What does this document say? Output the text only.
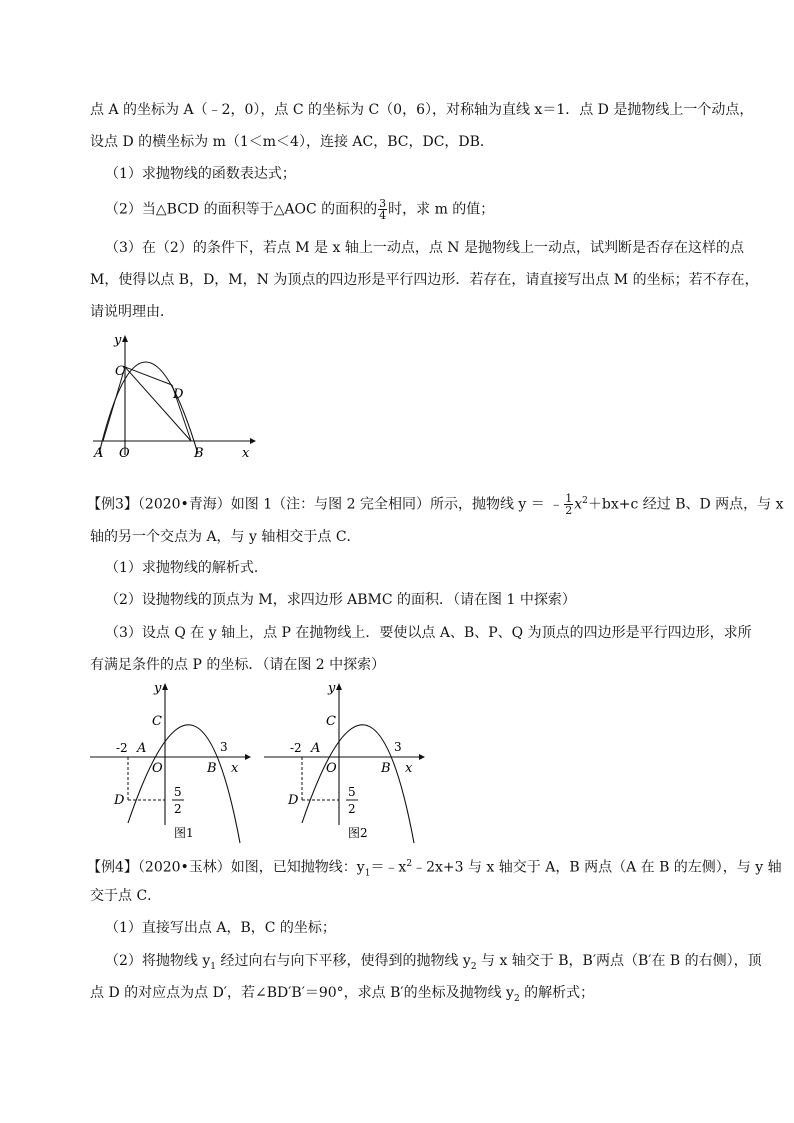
点 A 的坐标为 A（﹣2，0），点 C 的坐标为 C（0，6），对称轴为直线 x＝1．点 D 是抛物线上一个动点，
设点 D 的横坐标为 m（1＜m＜4），连接 AC，BC，DC，DB．
（1）求抛物线的函数表达式；
（2）当△BCD 的面积等于△AOC 的面积的 $\frac{3}{4}$ 时，求 m 的值；
（3）在（2）的条件下，若点 M 是 x 轴上一动点，点 N 是抛物线上一动点，试判断是否存在这样的点
M，使得以点 B，D，M，N 为顶点的四边形是平行四边形．若存在，请直接写出点 M 的坐标；若不存在，
请说明理由．
y
C
D
A O	B	x
【例3】（2020•青海）如图 1（注：与图 2 完全相同）所示，抛物线 y ＝ ﹣ $\frac{1}{2} x^2+bx+c$ 经过 B、D 两点，与 x
轴的另一个交点为 A，与 y 轴相交于点 C．
（1）求抛物线的解析式．
（2）设抛物线的顶点为 M，求四边形 ABMC 的面积．（请在图 1 中探索）
（3）设点 Q 在 y 轴上，点 P 在抛物线上．要使以点 A、B、P、Q 为顶点的四边形是平行四边形，求所
有满足条件的点 P 的坐标．（请在图 2 中探索）
y
C
-2 A	3
O	B x
D
5
2
图1
y
C
-2 A	3
O	B x
D
5
2
图2
【例4】（2020•玉林）如图，已知抛物线：$y_1=﹣x^2﹣2x+3$ 与 x 轴交于 A，B 两点（A 在 B 的左侧），与 y 轴
交于点 C．
（1）直接写出点 A，B，C 的坐标；
（2）将抛物线 $y_1$ 经过向右与向下平移，使得到的抛物线 $y_2$ 与 x 轴交于 B，B′两点（B′在 B 的右侧），顶
点 D 的对应点为点 D′，若∠BD′B′＝90°，求点 B′的坐标及抛物线 $y_2$ 的解析式；
